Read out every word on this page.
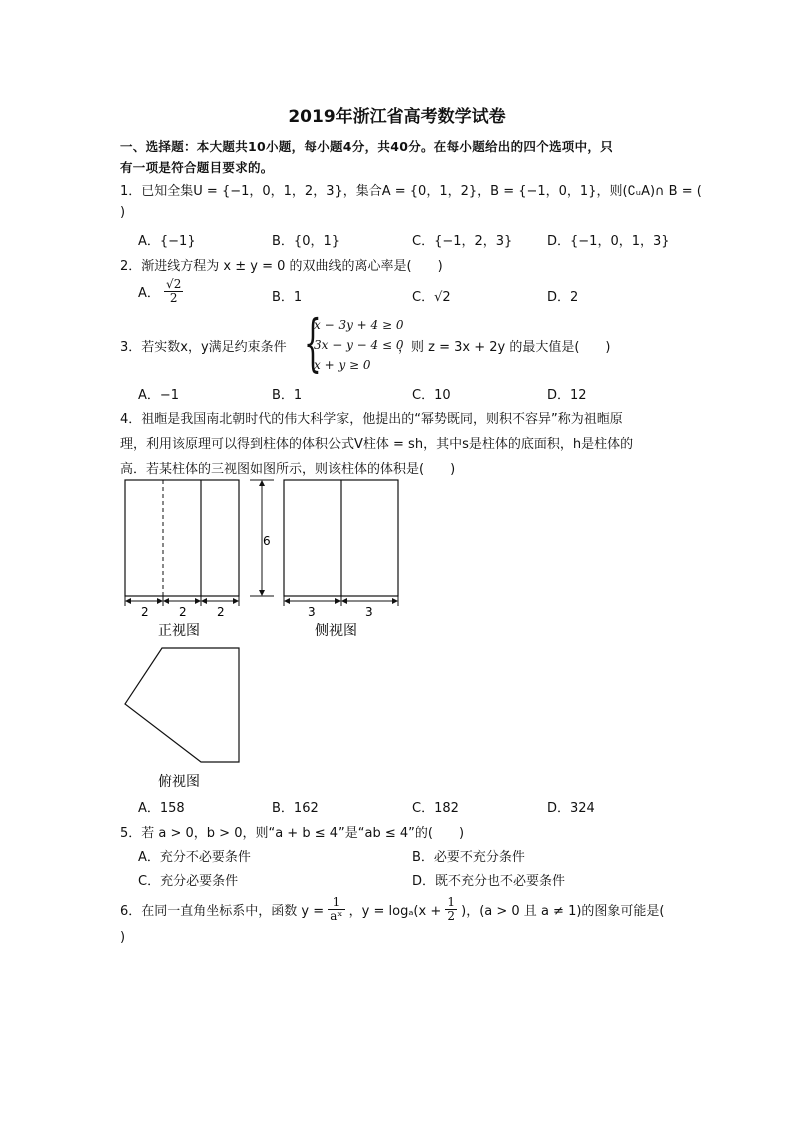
2019年浙江省高考数学试卷
一、选择题：本大题共10小题，每小题4分，共40分。在每小题给出的四个选项中，只
有一项是符合题目要求的。
1．已知全集U = {−1，0，1，2，3}，集合A = {0，1，2}，B = {−1，0，1}，则(∁ᵤA)∩ B = (
)
A．{−1}	B．{0，1}	C．{−1，2，3}	D．{−1，0，1，3}
2．渐进线方程为 x ± y = 0 的双曲线的离心率是(　　)
A． $\frac{√2}{2}$	B．1	C．√2	D．2
3．若实数x，y满足约束条件 {
x − 3y + 4 ≥ 0
3x − y − 4 ≤ 0
x + y ≥ 0
，则 z = 3x + 2y 的最大值是(　　)
A．−1	B．1	C．10	D．12
4．祖暅是我国南北朝时代的伟大科学家，他提出的“幂势既同，则积不容异”称为祖暅原
理，利用该原理可以得到柱体的体积公式V柱体 = sh，其中s是柱体的底面积，h是柱体的
高．若某柱体的三视图如图所示，则该柱体的体积是(　　)
2	2	2
6
3	3
正视图	侧视图
俯视图
A．158	B．162	C．182	D．324
5．若 a > 0，b > 0，则“a + b ≤ 4”是“ab ≤ 4”的(　　)
A．充分不必要条件	B．必要不充分条件
C．充分必要条件	D．既不充分也不必要条件
6．在同一直角坐标系中，函数 $y = \frac{1}{\text{aˣ}}$ ，$y = \log_a(x + \frac{1}{2}$ )，(a > 0 且 a ≠ 1)的图象可能是(
)
